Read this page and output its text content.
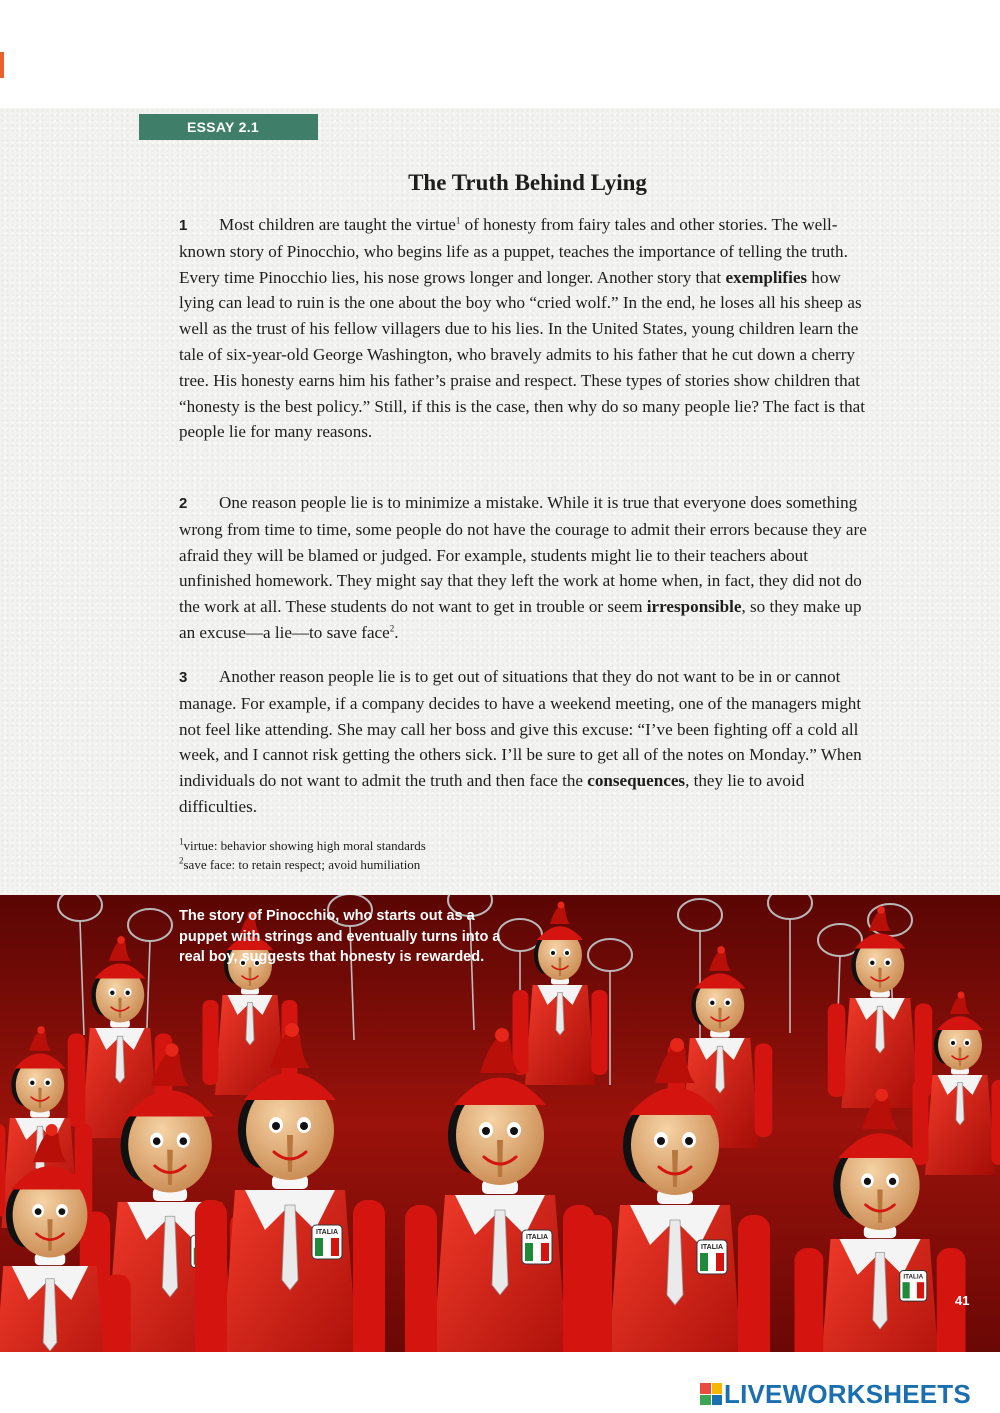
ESSAY 2.1
The Truth Behind Lying
1 Most children are taught the virtue$^1$ of honesty from fairy tales and other stories. The well-known story of Pinocchio, who begins life as a puppet, teaches the importance of telling the truth. Every time Pinocchio lies, his nose grows longer and longer. Another story that exemplifies how lying can lead to ruin is the one about the boy who “cried wolf.” In the end, he loses all his sheep as well as the trust of his fellow villagers due to his lies. In the United States, young children learn the tale of six-year-old George Washington, who bravely admits to his father that he cut down a cherry tree. His honesty earns him his father’s praise and respect. These types of stories show children that “honesty is the best policy.” Still, if this is the case, then why do so many people lie? The fact is that people lie for many reasons.
2 One reason people lie is to minimize a mistake. While it is true that everyone does something wrong from time to time, some people do not have the courage to admit their errors because they are afraid they will be blamed or judged. For example, students might lie to their teachers about unfinished homework. They might say that they left the work at home when, in fact, they did not do the work at all. These students do not want to get in trouble or seem irresponsible, so they make up an excuse—a lie—to save face$^2$.
3 Another reason people lie is to get out of situations that they do not want to be in or cannot manage. For example, if a company decides to have a weekend meeting, one of the managers might not feel like attending. She may call her boss and give this excuse: “I’ve been fighting off a cold all week, and I cannot risk getting the others sick. I’ll be sure to get all of the notes on Monday.” When individuals do not want to admit the truth and then face the consequences, they lie to avoid difficulties.
$^1$virtue: behavior showing high moral standards
$^2$save face: to retain respect; avoid humiliation
ITALIA
ITALIA
ITALIA
ITALIA
The story of Pinocchio, who starts out as a puppet with strings and eventually turns into a real boy, suggests that honesty is rewarded.
41
LIVEWORKSHEETS
